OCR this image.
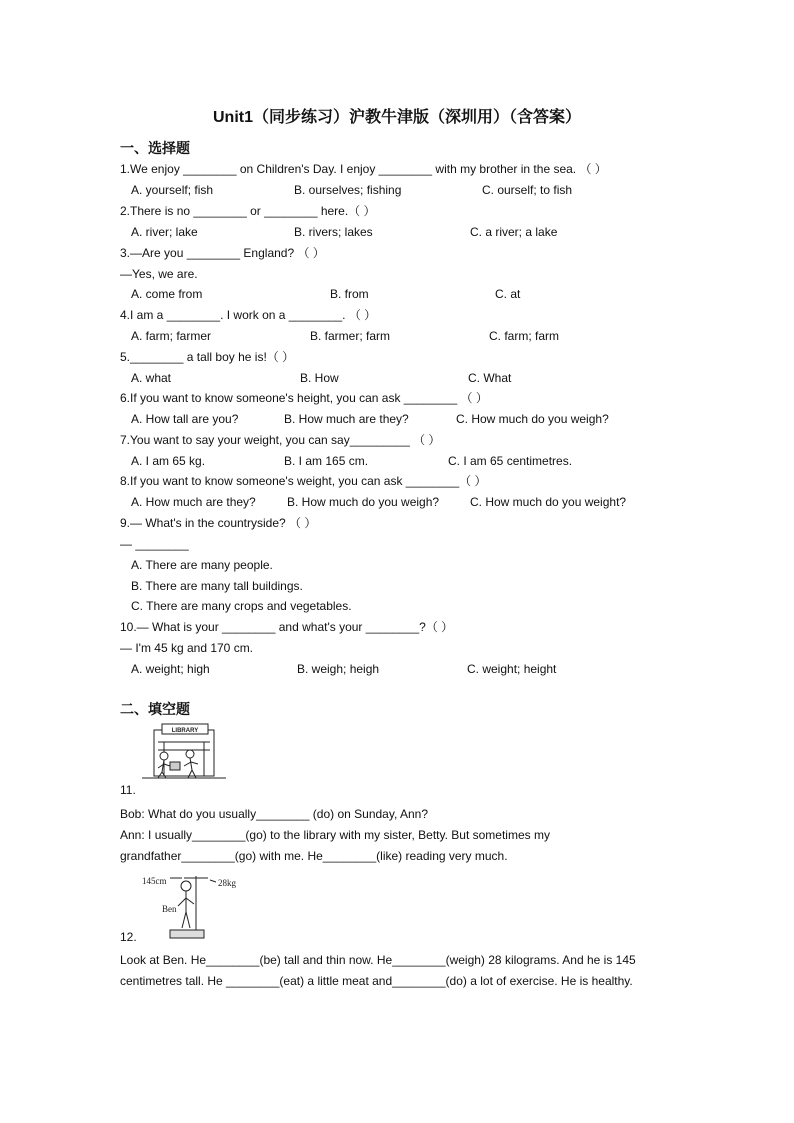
Unit1（同步练习）沪教牛津版（深圳用）（含答案）
一、选择题
1.We enjoy ________ on Children's Day. I enjoy ________ with my brother in the sea. （ ）
A. yourself; fish	B. ourselves; fishing	C. ourself; to fish
2.There is no ________ or ________ here.（ ）
A. river; lake	B. rivers; lakes	C. a river; a lake
3.—Are you ________ England? （ ）
—Yes, we are.
A. come from	B. from	C. at
4.I am a ________. I work on a ________. （ ）
A. farm; farmer	B. farmer; farm	C. farm; farm
5.________ a tall boy he is!（ ）
A. what	B. How	C. What
6.If you want to know someone's height, you can ask ________ （ ）
A. How tall are you?	B. How much are they?	C. How much do you weigh?
7.You want to say your weight, you can say_________ （ ）
A. I am 65 kg.	B. I am 165 cm.	C. I am 65 centimetres.
8.If you want to know someone's weight, you can ask ________（ ）
A. How much are they?	B. How much do you weigh?	C. How much do you weight?
9.— What's in the countryside? （ ）
— ________
A. There are many people.
B. There are many tall buildings.
C. There are many crops and vegetables.
10.— What is your ________ and what's your ________?（ ）
— I'm 45 kg and 170 cm.
A. weight; high	B. weigh; heigh	C. weight; height
二、填空题
LIBRARY
11.
Bob: What do you usually________ (do) on Sunday, Ann?
Ann: I usually________(go) to the library with my sister, Betty. But sometimes my
grandfather________(go) with me. He________(like) reading very much.
145cm	28kg
Ben
12.
Look at Ben. He________(be) tall and thin now. He________(weigh) 28 kilograms. And he is 145
centimetres tall. He ________(eat) a little meat and________(do) a lot of exercise. He is healthy.
